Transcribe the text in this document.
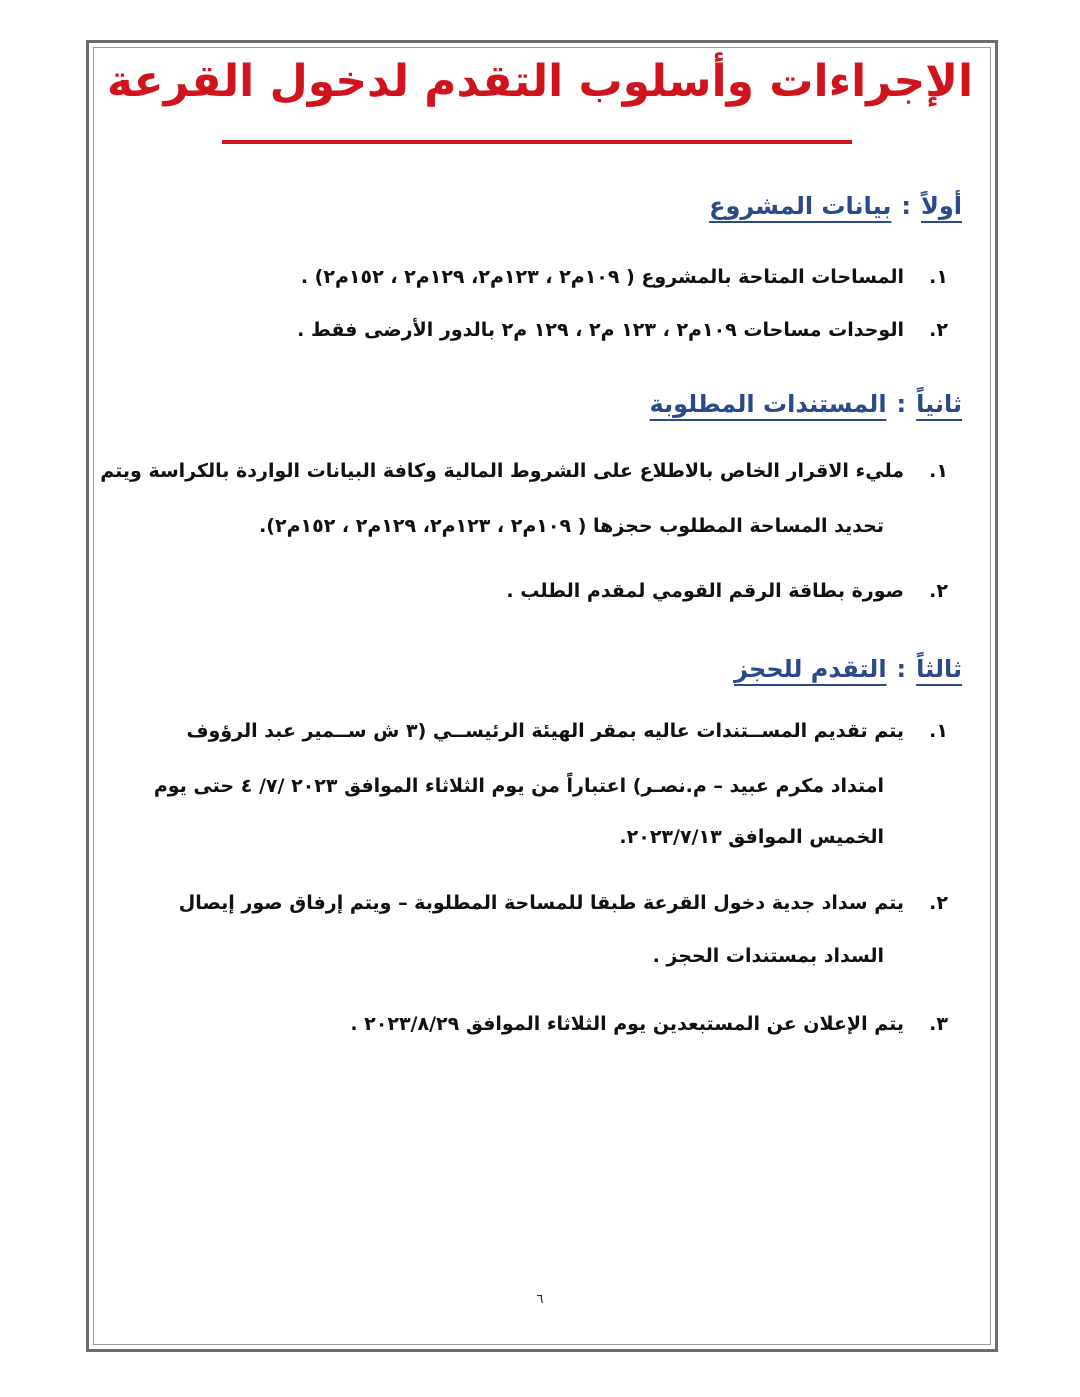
الإجراءات وأسلوب التقدم لدخول القرعة
أولاً:بيانات المشروع
١.
المساحات المتاحة بالمشروع ( ١٠٩م٢ ، ١٢٣م٢، ١٢٩م٢ ، ١٥٢م٢) .
٢.
الوحدات مساحات ١٠٩م٢ ، ١٢٣ م٢ ، ١٢٩ م٢ بالدور الأرضى فقط .
ثانياً:المستندات المطلوبة
١.
مليء الاقرار الخاص بالاطلاع على الشروط المالية وكافة البيانات الواردة بالكراسة ويتم
تحديد المساحة المطلوب حجزها ( ١٠٩م٢ ، ١٢٣م٢، ١٢٩م٢ ، ١٥٢م٢).
٢.
صورة بطاقة الرقم القومي لمقدم الطلب .
ثالثاً:التقدم للحجز
١.
يتم تقديم المســتندات عاليه بمقر الهيئة الرئيســي (٣ ش ســمير عبد الرؤوف
امتداد مكرم عبيد – م.نصـر) اعتباراً من يوم الثلاثاء الموافق ٢٠٢٣ /٧/ ٤ حتى يوم
الخميس الموافق ٢٠٢٣/٧/١٣.
٢.
يتم سداد جدية دخول القرعة طبقا للمساحة المطلوبة – ويتم إرفاق صور إيصال
السداد بمستندات الحجز .
٣.
يتم الإعلان عن المستبعدين يوم الثلاثاء الموافق ٢٠٢٣/٨/٢٩ .
٦
